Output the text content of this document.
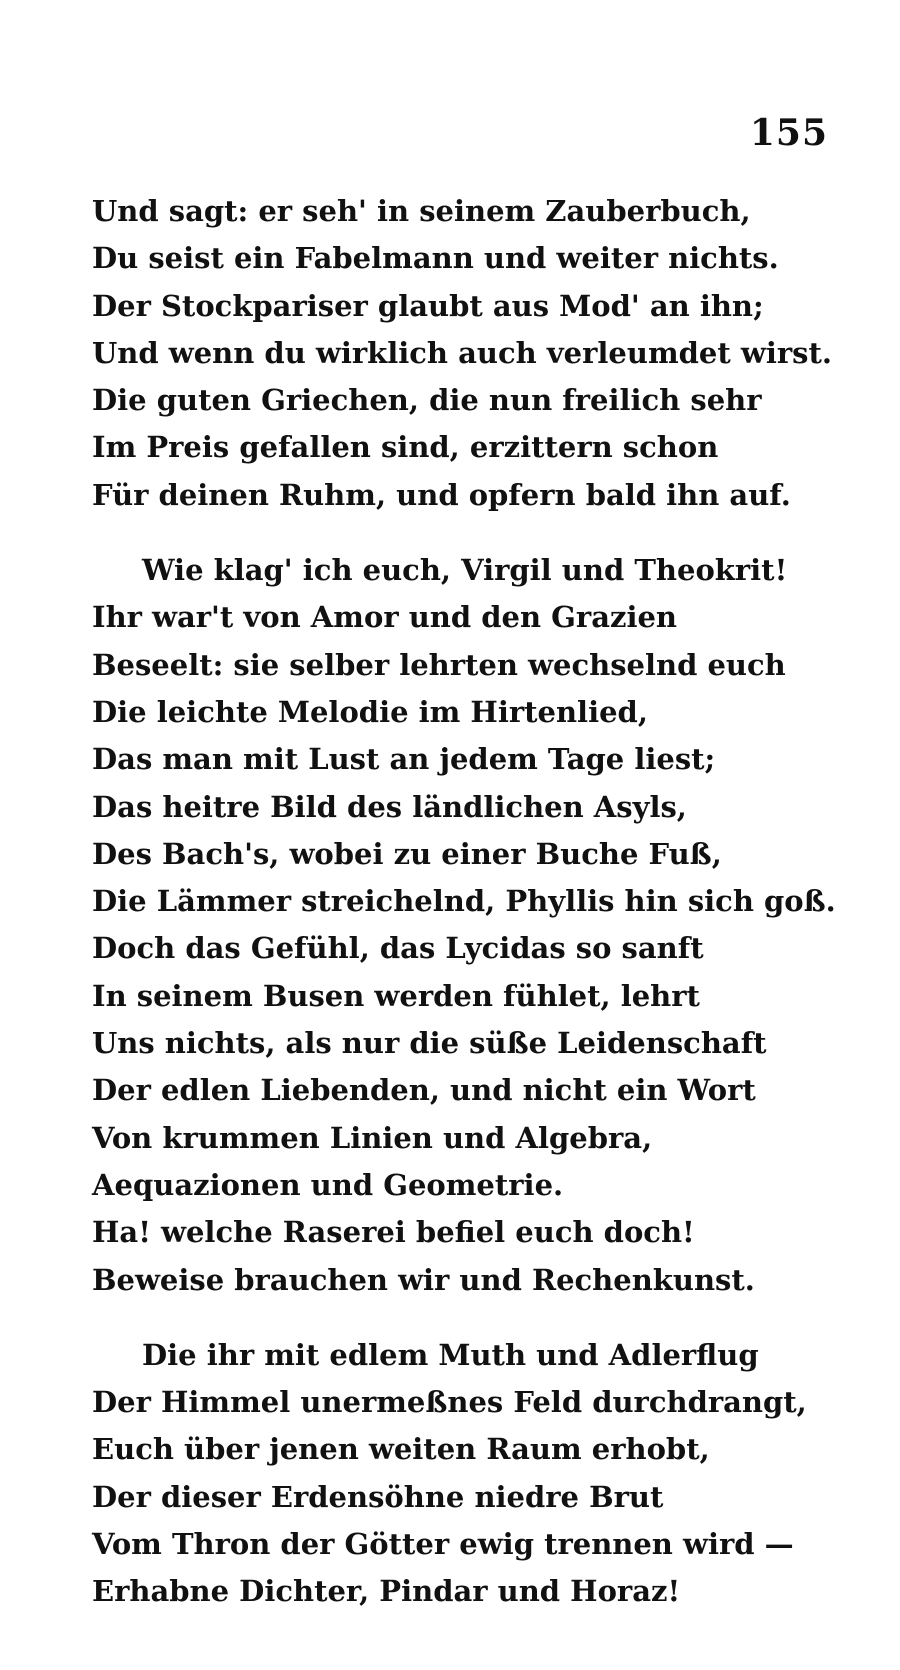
155
Und sagt: er seh' in seinem Zauberbuch,
Du seist ein Fabelmann und weiter nichts.
Der Stockpariser glaubt aus Mod' an ihn;
Und wenn du wirklich auch verleumdet wirst.
Die guten Griechen, die nun freilich sehr
Im Preis gefallen sind, erzittern schon
Für deinen Ruhm, und opfern bald ihn auf.
Wie klag' ich euch, Virgil und Theokrit!
Ihr war't von Amor und den Grazien
Beseelt: sie selber lehrten wechselnd euch
Die leichte Melodie im Hirtenlied,
Das man mit Lust an jedem Tage liest;
Das heitre Bild des ländlichen Asyls,
Des Bach's, wobei zu einer Buche Fuß,
Die Lämmer streichelnd, Phyllis hin sich goß.
Doch das Gefühl, das Lycidas so sanft
In seinem Busen werden fühlet, lehrt
Uns nichts, als nur die süße Leidenschaft
Der edlen Liebenden, und nicht ein Wort
Von krummen Linien und Algebra,
Aequazionen und Geometrie.
Ha! welche Raserei befiel euch doch!
Beweise brauchen wir und Rechenkunst.
Die ihr mit edlem Muth und Adlerflug
Der Himmel unermeßnes Feld durchdrangt,
Euch über jenen weiten Raum erhobt,
Der dieser Erdensöhne niedre Brut
Vom Thron der Götter ewig trennen wird —
Erhabne Dichter, Pindar und Horaz!
